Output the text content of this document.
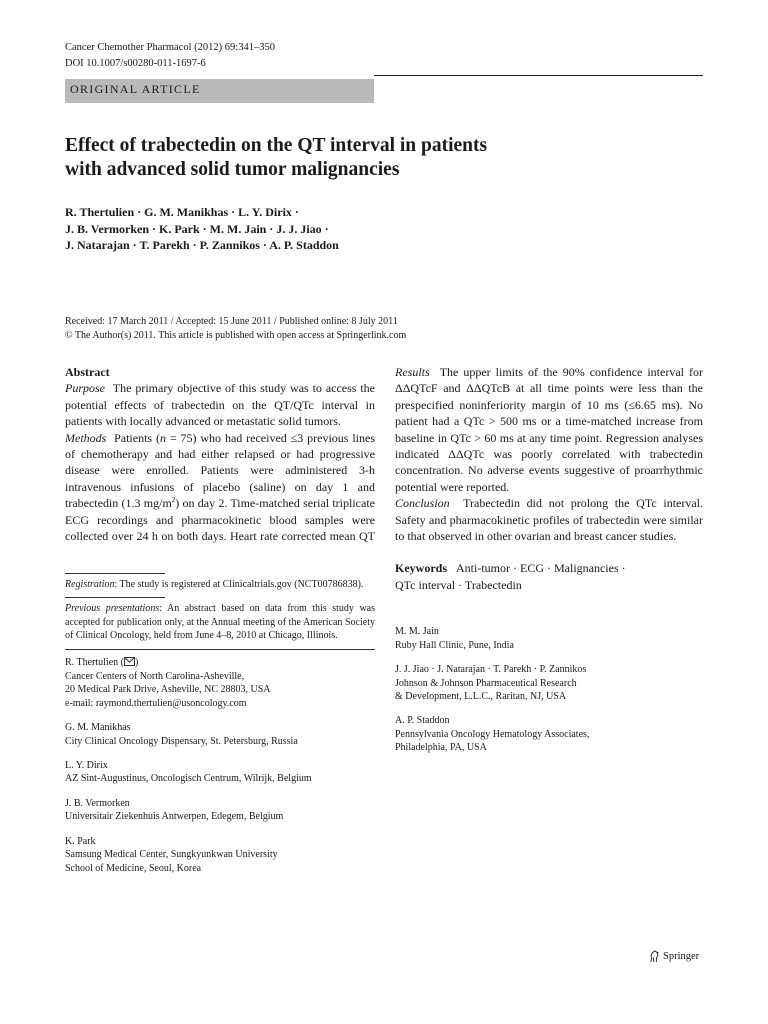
Cancer Chemother Pharmacol (2012) 69:341–350
DOI 10.1007/s00280-011-1697-6
ORIGINAL ARTICLE
Effect of trabectedin on the QT interval in patients
with advanced solid tumor malignancies
R. Thertulien · G. M. Manikhas · L. Y. Dirix ·
J. B. Vermorken · K. Park · M. M. Jain · J. J. Jiao ·
J. Natarajan · T. Parekh · P. Zannikos · A. P. Staddon
Received: 17 March 2011 / Accepted: 15 June 2011 / Published online: 8 July 2011
© The Author(s) 2011. This article is published with open access at Springerlink.com
Abstract
Purpose The primary objective of this study was to access the potential effects of trabectedin on the QT/QTc interval in patients with locally advanced or metastatic solid tumors.
Methods Patients (n = 75) who had received ≤3 previous lines of chemotherapy and had either relapsed or had progressive disease were enrolled. Patients were administered 3-h intravenous infusions of placebo (saline) on day 1 and trabectedin (1.3 $mg/m^2$) on day 2. Time-matched serial triplicate ECG recordings and pharmacokinetic blood samples were collected over 24 h on both days. Heart rate corrected mean QT
Registration: The study is registered at Clinicaltrials.gov (NCT00786838).
Previous presentations: An abstract based on data from this study was accepted for publication only, at the Annual meeting of the American Society of Clinical Oncology, held from June 4–8, 2010 at Chicago, Illinois.
R. Thertulien ( )
Cancer Centers of North Carolina-Asheville,
20 Medical Park Drive, Asheville, NC 28803, USA
e-mail: raymond.thertulien@usoncology.com
G. M. Manikhas
City Clinical Oncology Dispensary, St. Petersburg, Russia
L. Y. Dirix
AZ Sint-Augustinus, Oncologisch Centrum, Wilrijk, Belgium
J. B. Vermorken
Universitair Ziekenhuis Antwerpen, Edegem, Belgium
K. Park
Samsung Medical Center, Sungkyunkwan University
School of Medicine, Seoul, Korea
Results The upper limits of the 90% confidence interval for ΔΔQTcF and ΔΔQTcB at all time points were less than the prespecified noninferiority margin of 10 ms (≤6.65 ms). No patient had a QTc > 500 ms or a time-matched increase from baseline in QTc > 60 ms at any time point. Regression analyses indicated ΔΔQTc was poorly correlated with trabectedin concentration. No adverse events suggestive of proarrhythmic potential were reported.
Conclusion Trabectedin did not prolong the QTc interval. Safety and pharmacokinetic profiles of trabectedin were similar to that observed in other ovarian and breast cancer studies.
Keywords Anti-tumor · ECG · Malignancies ·
QTc interval · Trabectedin
M. M. Jain
Ruby Hall Clinic, Pune, India
J. J. Jiao · J. Natarajan · T. Parekh · P. Zannikos
Johnson & Johnson Pharmaceutical Research
& Development, L.L.C., Raritan, NJ, USA
A. P. Staddon
Pennsylvania Oncology Hematology Associates,
Philadelphia, PA, USA
Springer
